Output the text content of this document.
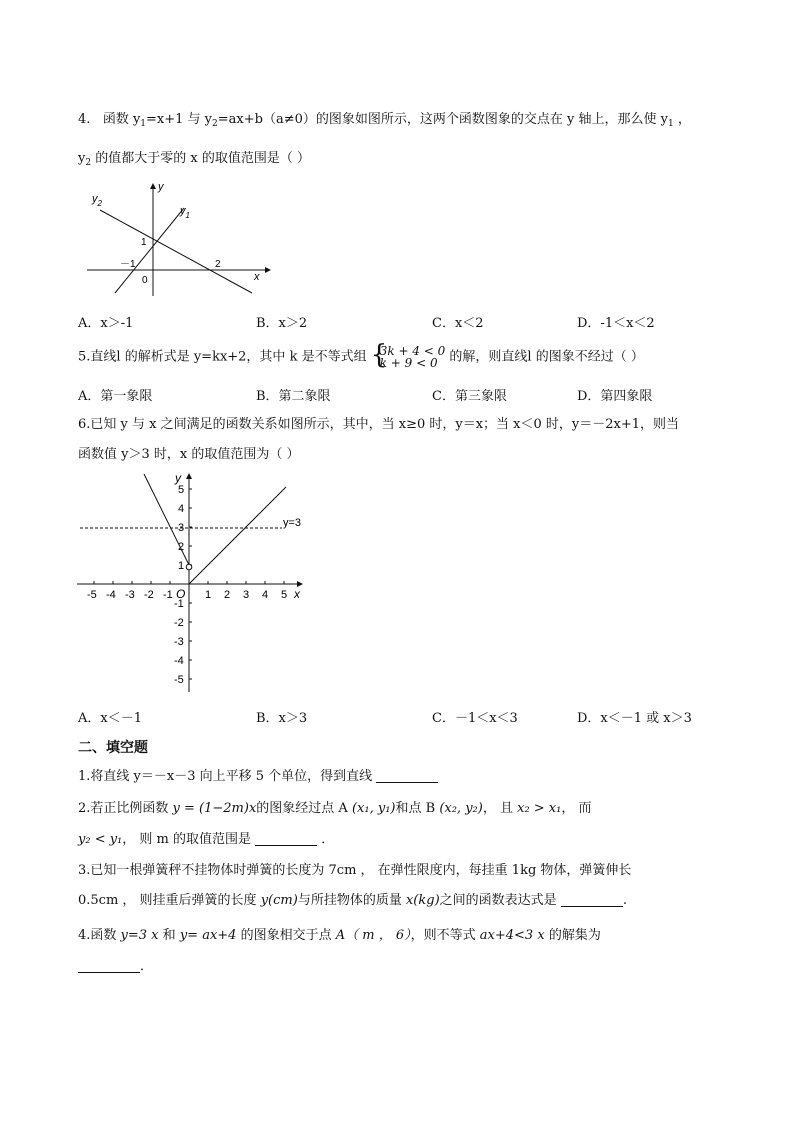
4. 函数 $y_1=x+1$ 与 $y_2=ax+b(a\ne 0)$的图象如图所示，这两个函数图象的交点在 y 轴上，那么使 $y_1$ ，
$y_2$ 的值都大于零的 x 的取值范围是（ ）
$y_2$
$y_1$
y
x
1
－1
0
2
A．x＞-1	B．x＞2	C．x＜2	D．-1＜x＜2
5.直线l 的解析式是 y=kx+2，其中 k 是不等式组 {
3k + 4 < 0
k + 9 < 0 的解，则直线l 的图象不经过（ ）
A．第一象限	B．第二象限	C．第三象限	D．第四象限
6.已知 y 与 x 之间满足的函数关系如图所示，其中，当 x≥0 时，y＝x；当 x＜0 时，y＝－2x+1，则当
函数值 y＞3 时，x 的取值范围为（ ）
-5 -4 -3 -2 -1	1 2 3 4 5
5
4
3
2
1
-1
-2
-3
-4
-5
y
x
O
y=3
A．x＜－1	B．x＞3	C．－1＜x＜3	D．x＜－1 或 x＞3
二、填空题
1.将直线 y＝－x－3 向上平移 5 个单位，得到直线
2.若正比例函数 y = (1−2m)x的图象经过点 A (x₁, y₁)和点 B (x₂, y₂)， 且 x₂ > x₁， 而
y₂ < y₁， 则 m 的取值范围是	．
3.已知一根弹簧秤不挂物体时弹簧的长度为 7cm ， 在弹性限度内，每挂重 1kg 物体，弹簧伸长
0.5cm ， 则挂重后弹簧的长度 y(cm)与所挂物体的质量 x(kg)之间的函数表达式是	.
4.函数 y=3 x 和 y= ax+4 的图象相交于点 A（ m ， 6），则不等式 ax+4<3 x 的解集为
．
